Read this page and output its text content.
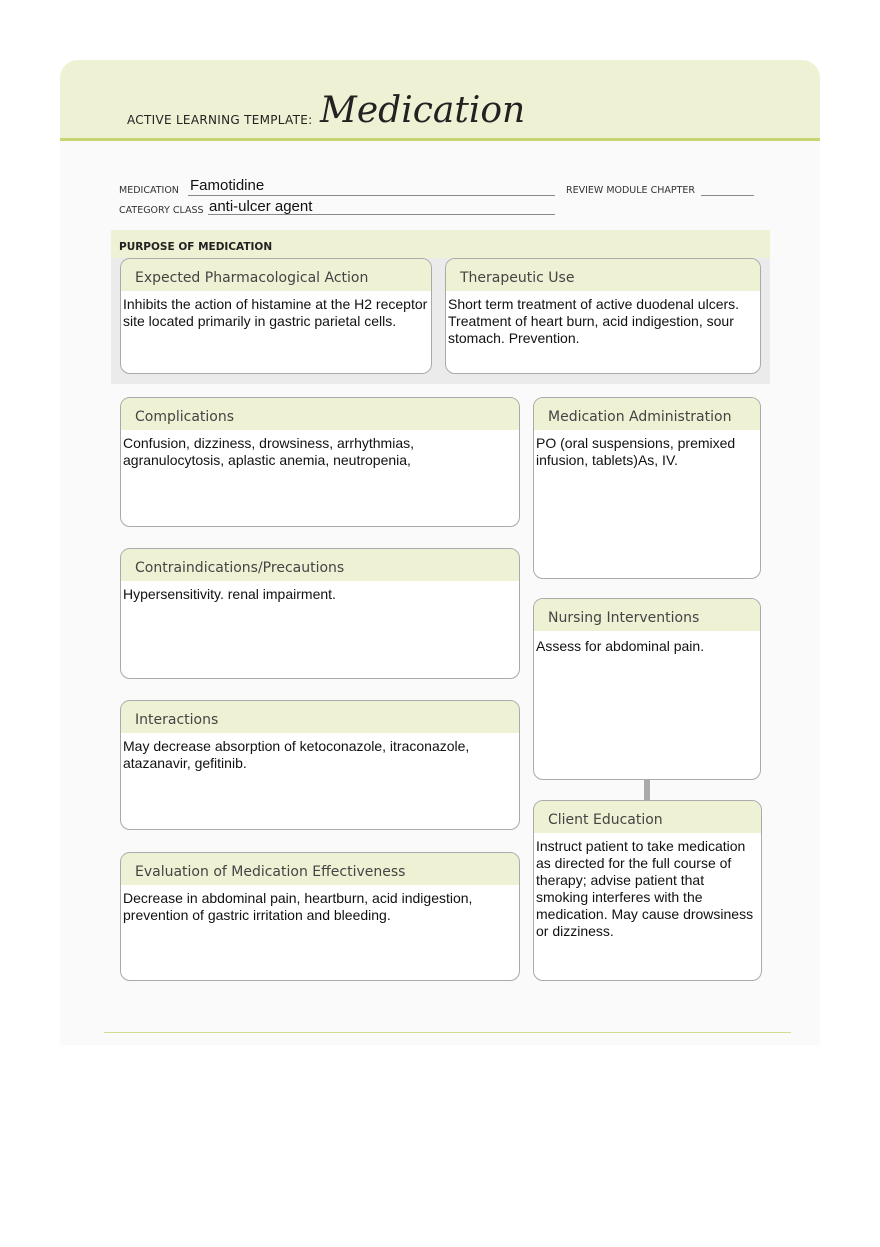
ACTIVE LEARNING TEMPLATE: Medication
MEDICATION Famotidine	REVIEW MODULE CHAPTER
CATEGORY CLASS anti-ulcer agent
PURPOSE OF MEDICATION
Expected Pharmacological Action
Inhibits the action of histamine at the H2 receptor site located primarily in gastric parietal cells.
Therapeutic Use
Short term treatment of active duodenal ulcers. Treatment of heart burn, acid indigestion, sour stomach. Prevention.
Complications
Confusion, dizziness, drowsiness, arrhythmias, agranulocytosis, aplastic anemia, neutropenia,
Medication Administration
PO (oral suspensions, premixed infusion, tablets)As, IV.
Contraindications/Precautions
Hypersensitivity. renal impairment.
Nursing Interventions
Assess for abdominal pain.
Interactions
May decrease absorption of ketoconazole, itraconazole, atazanavir, gefitinib.
Client Education
Instruct patient to take medication as directed for the full course of therapy; advise patient that smoking interferes with the medication. May cause drowsiness or dizziness.
Evaluation of Medication Effectiveness
Decrease in abdominal pain, heartburn, acid indigestion, prevention of gastric irritation and bleeding.
